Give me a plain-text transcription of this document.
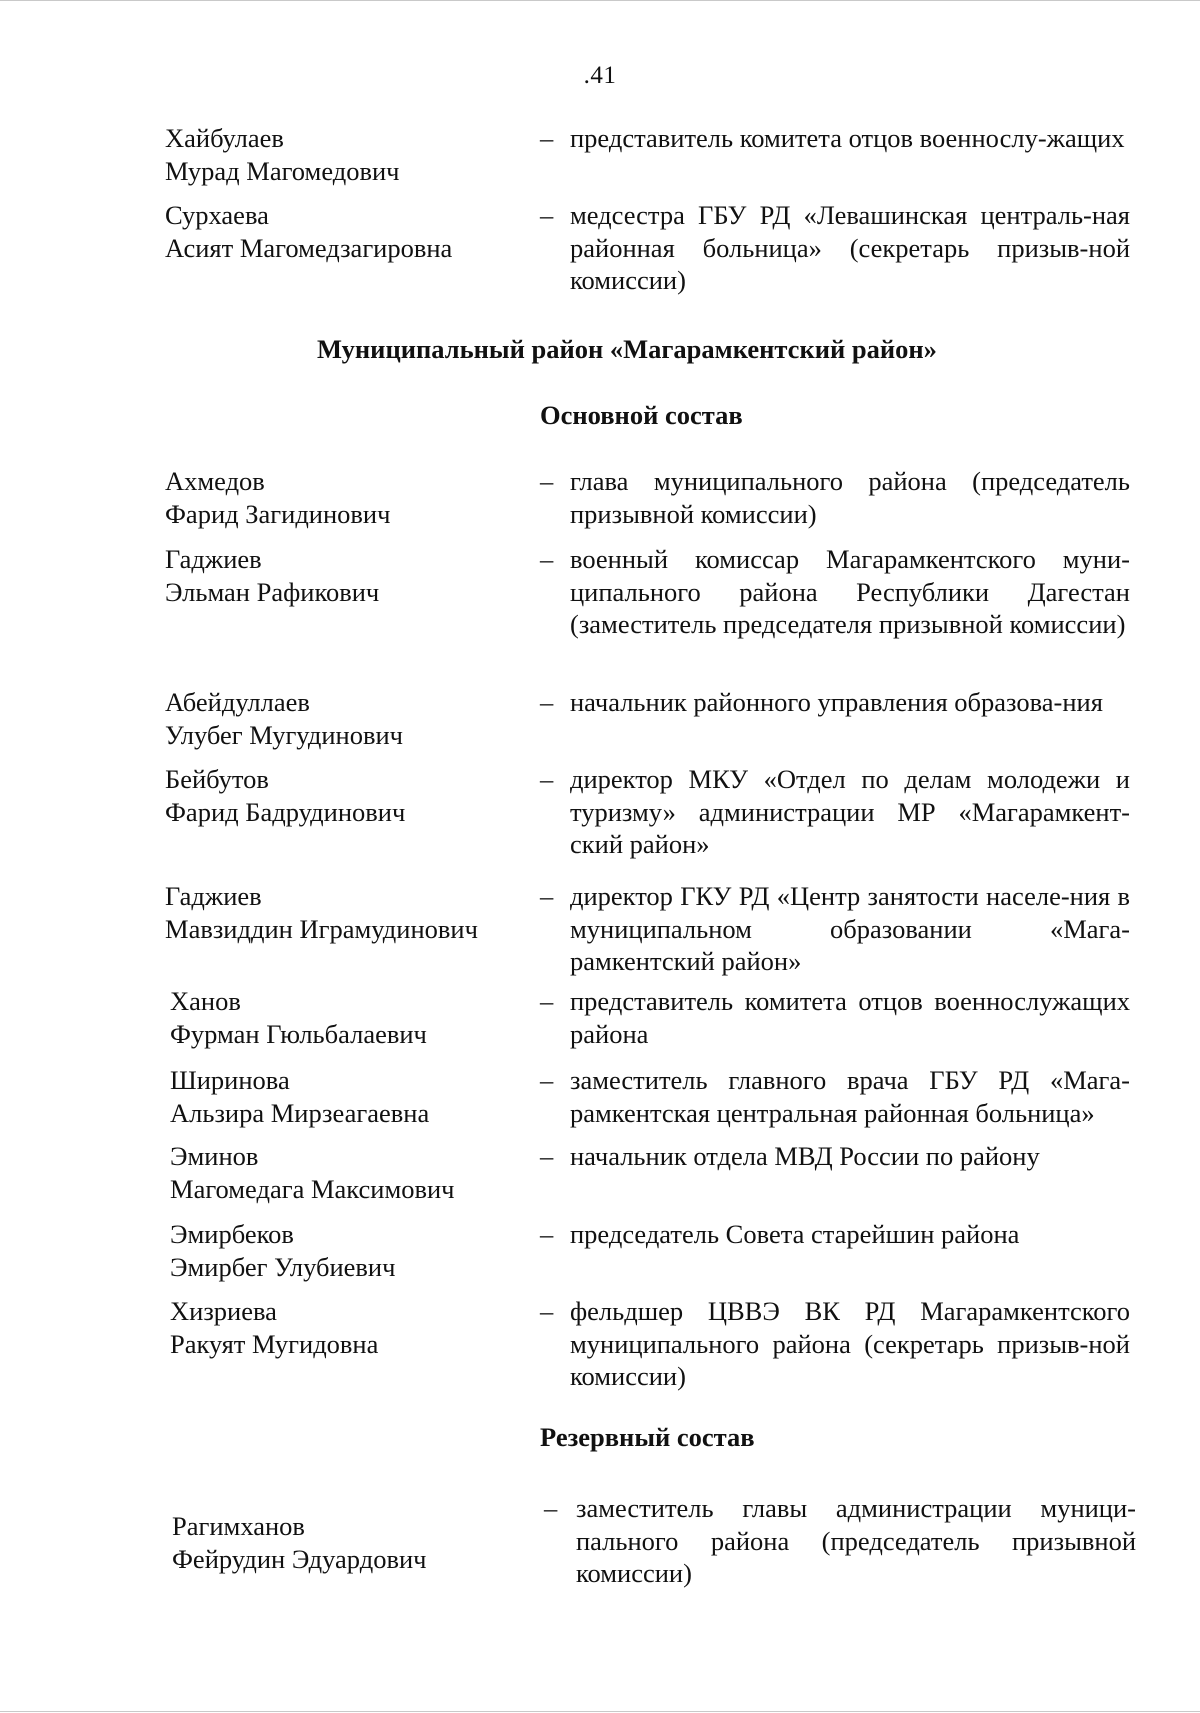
.41
Хайбулаев
Мурад Магомедович
– представитель комитета отцов военнослу-жащих
Сурхаева
Асият Магомедзагировна
– медсестра ГБУ РД «Левашинская централь-ная районная больница» (секретарь призыв-ной комиссии)
Муниципальный район «Магарамкентский район»
Основной состав
Ахмедов
Фарид Загидинович
– глава муниципального района (председатель призывной комиссии)
Гаджиев
Эльман Рафикович
– военный комиссар Магарамкентского муни-ципального района Республики Дагестан (заместитель председателя призывной комиссии)
Абейдуллаев
Улубег Мугудинович
– начальник районного управления образова-ния
Бейбутов
Фарид Бадрудинович
– директор МКУ «Отдел по делам молодежи и туризму» администрации МР «Магарамкент-ский район»
Гаджиев
Мавзиддин Играмудинович
– директор ГКУ РД «Центр занятости населе-ния в муниципальном образовании «Мага-рамкентский район»
Ханов
Фурман Гюльбалаевич
– представитель комитета отцов военнослужащих района
Ширинова
Альзира Мирзеагаевна
– заместитель главного врача ГБУ РД «Мага-рамкентская центральная районная больница»
Эминов
Магомедага Максимович
– начальник отдела МВД России по району
Эмирбеков
Эмирбег Улубиевич
– председатель Совета старейшин района
Хизриева
Ракуят Мугидовна
– фельдшер ЦВВЭ ВК РД Магарамкентского муниципального района (секретарь призыв-ной комиссии)
Резервный состав
Рагимханов
Фейрудин Эдуардович
– заместитель главы администрации муници-пального района (председатель призывной комиссии)
